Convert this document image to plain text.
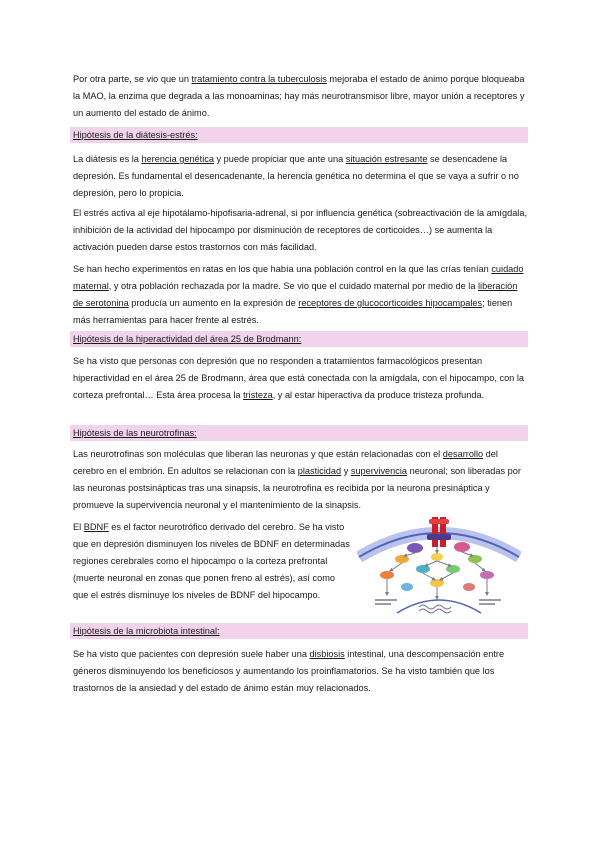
Por otra parte, se vio que un tratamiento contra la tuberculosis mejoraba el estado de ánimo porque bloqueaba la MAO, la enzima que degrada a las monoaminas; hay más neurotransmisor libre, mayor unión a receptores y un aumento del estado de ánimo.

Hipótesis de la diátesis-estrés:

La diátesis es la herencia genética y puede propiciar que ante una situación estresante se desencadene la depresión. Es fundamental el desencadenante, la herencia genética no determina el que se vaya a sufrir o no depresión, pero lo propicia.

El estrés activa al eje hipotálamo-hipofisaria-adrenal, si por influencia genética (sobreactivación de la amígdala, inhibición de la actividad del hipocampo por disminución de receptores de corticoides…) se aumenta la activación pueden darse estos trastornos con más facilidad.

Se han hecho experimentos en ratas en los que había una población control en la que las crías tenían cuidado maternal, y otra población rechazada por la madre. Se vio que el cuidado maternal por medio de la liberación de serotonina producía un aumento en la expresión de receptores de glucocorticoides hipocampales; tienen más herramientas para hacer frente al estrés.

Hipótesis de la hiperactividad del área 25 de Brodmann:

Se ha visto que personas con depresión que no responden a tratamientos farmacológicos presentan hiperactividad en el área 25 de Brodmann, área que está conectada con la amígdala, con el hipocampo, con la corteza prefrontal… Esta área procesa la tristeza, y al estar hiperactiva da produce tristeza profunda.

Hipótesis de las neurotrofinas:

Las neurotrofinas son moléculas que liberan las neuronas y que están relacionadas con el desarrollo del cerebro en el embrión. En adultos se relacionan con la plasticidad y supervivencia neuronal; son liberadas por las neuronas postsinápticas tras una sinapsis, la neurotrofina es recibida por la neurona presináptica y promueve la supervivencia neuronal y el mantenimiento de la sinapsis.

El BDNF es el factor neurotrófico derivado del cerebro. Se ha visto que en depresión disminuyen los niveles de BDNF en determinadas regiones cerebrales como el hipocampo o la corteza prefrontal (muerte neuronal en zonas que ponen freno al estrés), así como que el estrés disminuye los niveles de BDNF del hipocampo.

Hipótesis de la microbiota intestinal:

Se ha visto que pacientes con depresión suele haber una disbiosis intestinal, una descompensación entre géneros disminuyendo los beneficiosos y aumentando los proinflamatorios. Se ha visto también que los trastornos de la ansiedad y del estado de ánimo están muy relacionados.
